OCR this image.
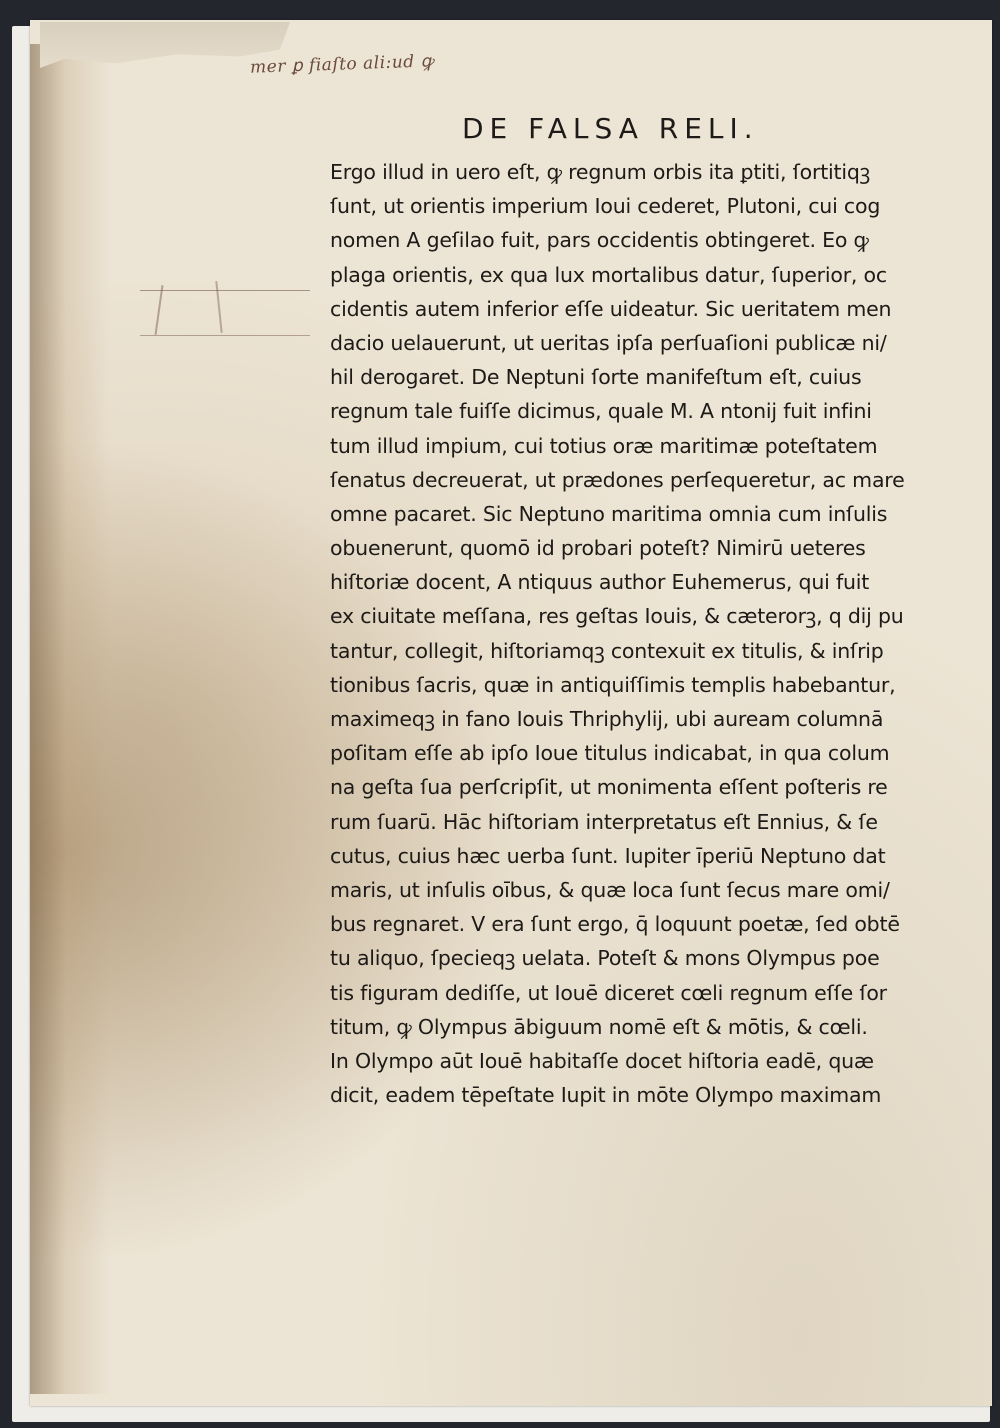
mer ꝑ fiaſto ali:ud ꝙ
DE FALSA RELI.
Ergo illud in uero eſt, ꝙ regnum orbis ita ꝑtiti, ſortitiqꝫ
ſunt, ut orientis imperium Ioui cederet, Plutoni, cui cog
nomen A geſilao fuit, pars occidentis obtingeret. Eo ꝙ
plaga orientis, ex qua lux mortalibus datur, ſuperior, oc
cidentis autem inferior eſſe uideatur. Sic ueritatem men
dacio uelauerunt, ut ueritas ipſa perſuaſioni publicæ ni/
hil derogaret. De Neptuni ſorte manifeſtum eſt, cuius
regnum tale fuiſſe dicimus, quale M. A ntonij fuit infini
tum illud impium, cui totius oræ maritimæ poteſtatem
ſenatus decreuerat, ut prædones perſequeretur, ac mare
omne pacaret. Sic Neptuno maritima omnia cum inſulis
obuenerunt, quomō id probari poteſt? Nimirū ueteres
hiſtoriæ docent, A ntiquus author Euhemerus, qui fuit
ex ciuitate meſſana, res geſtas Iouis, & cæterorꝫ, q dij pu
tantur, collegit, hiſtoriamqꝫ contexuit ex titulis, & inſrip
tionibus ſacris, quæ in antiquiſſimis templis habebantur,
maximeqꝫ in fano Iouis Thriphylij, ubi auream columnā
poſitam eſſe ab ipſo Ioue titulus indicabat, in qua colum
na geſta ſua perſcripſit, ut monimenta eſſent poſteris re
rum ſuarū. Hāc hiſtoriam interpretatus eſt Ennius, & ſe
cutus, cuius hæc uerba ſunt. Iupiter īperiū Neptuno dat
maris, ut inſulis oībus, & quæ loca ſunt ſecus mare omi/
bus regnaret. V era ſunt ergo, q̄ loquunt poetæ, ſed obtē
tu aliquo, ſpecieqꝫ uelata. Poteſt & mons Olympus poe
tis figuram dediſſe, ut Iouē diceret cœli regnum eſſe ſor
titum, ꝙ Olympus ābiguum nomē eſt & mōtis, & cœli.
In Olympo aūt Iouē habitaſſe docet hiſtoria eadē, quæ
dicit, eadem tēpeſtate Iupit in mōte Olympo maximam
